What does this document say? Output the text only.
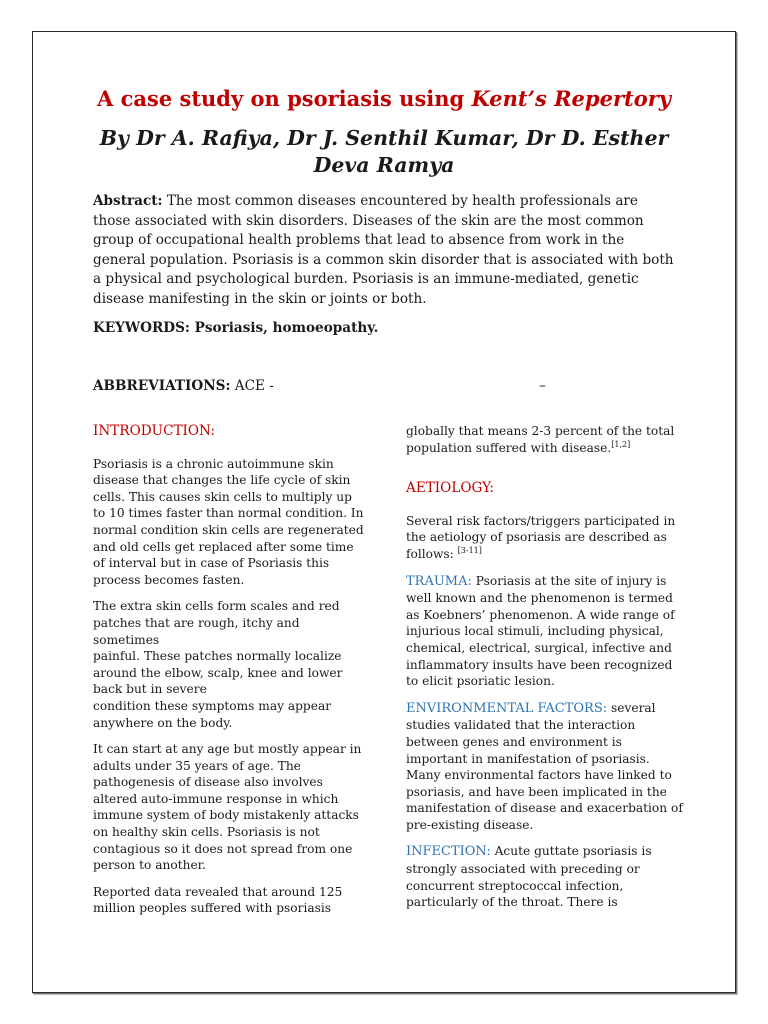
A case study on psoriasis using Kent’s Repertory
By Dr A. Rafiya, Dr J. Senthil Kumar, Dr D. Esther Deva Ramya

Abstract: The most common diseases encountered by health professionals are those associated with skin disorders. Diseases of the skin are the most common group of occupational health problems that lead to absence from work in the general population. Psoriasis is a common skin disorder that is associated with both a physical and psychological burden. Psoriasis is an immune-mediated, genetic disease manifesting in the skin or joints or both.

KEYWORDS: Psoriasis, homoeopathy.

ABBREVIATIONS: ACE -	–
INTRODUCTION:

Psoriasis is a chronic autoimmune skin disease that changes the life cycle of skin cells. This causes skin cells to multiply up to 10 times faster than normal condition. In normal condition skin cells are regenerated and old cells get replaced after some time of interval but in case of Psoriasis this process becomes fasten.

The extra skin cells form scales and red patches that are rough, itchy and sometimes

painful. These patches normally localize around the elbow, scalp, knee and lower back but in severe

condition these symptoms may appear anywhere on the body.

It can start at any age but mostly appear in adults under 35 years of age. The pathogenesis of disease also involves altered auto-immune response in which immune system of body mistakenly attacks on healthy skin cells. Psoriasis is not contagious so it does not spread from one person to another.

Reported data revealed that around 125 million peoples suffered with psoriasis

globally that means 2-3 percent of the total population suffered with disease.[1,2]

AETIOLOGY:

Several risk factors/triggers participated in the aetiology of psoriasis are described as follows: [3-11]

TRAUMA: Psoriasis at the site of injury is well known and the phenomenon is termed as Koebners’ phenomenon. A wide range of injurious local stimuli, including physical, chemical, electrical, surgical, infective and inflammatory insults have been recognized to elicit psoriatic lesion.

ENVIRONMENTAL FACTORS: several studies validated that the interaction between genes and environment is important in manifestation of psoriasis. Many environmental factors have linked to psoriasis, and have been implicated in the manifestation of disease and exacerbation of pre-existing disease.

INFECTION: Acute guttate psoriasis is strongly associated with preceding or concurrent streptococcal infection, particularly of the throat. There is
